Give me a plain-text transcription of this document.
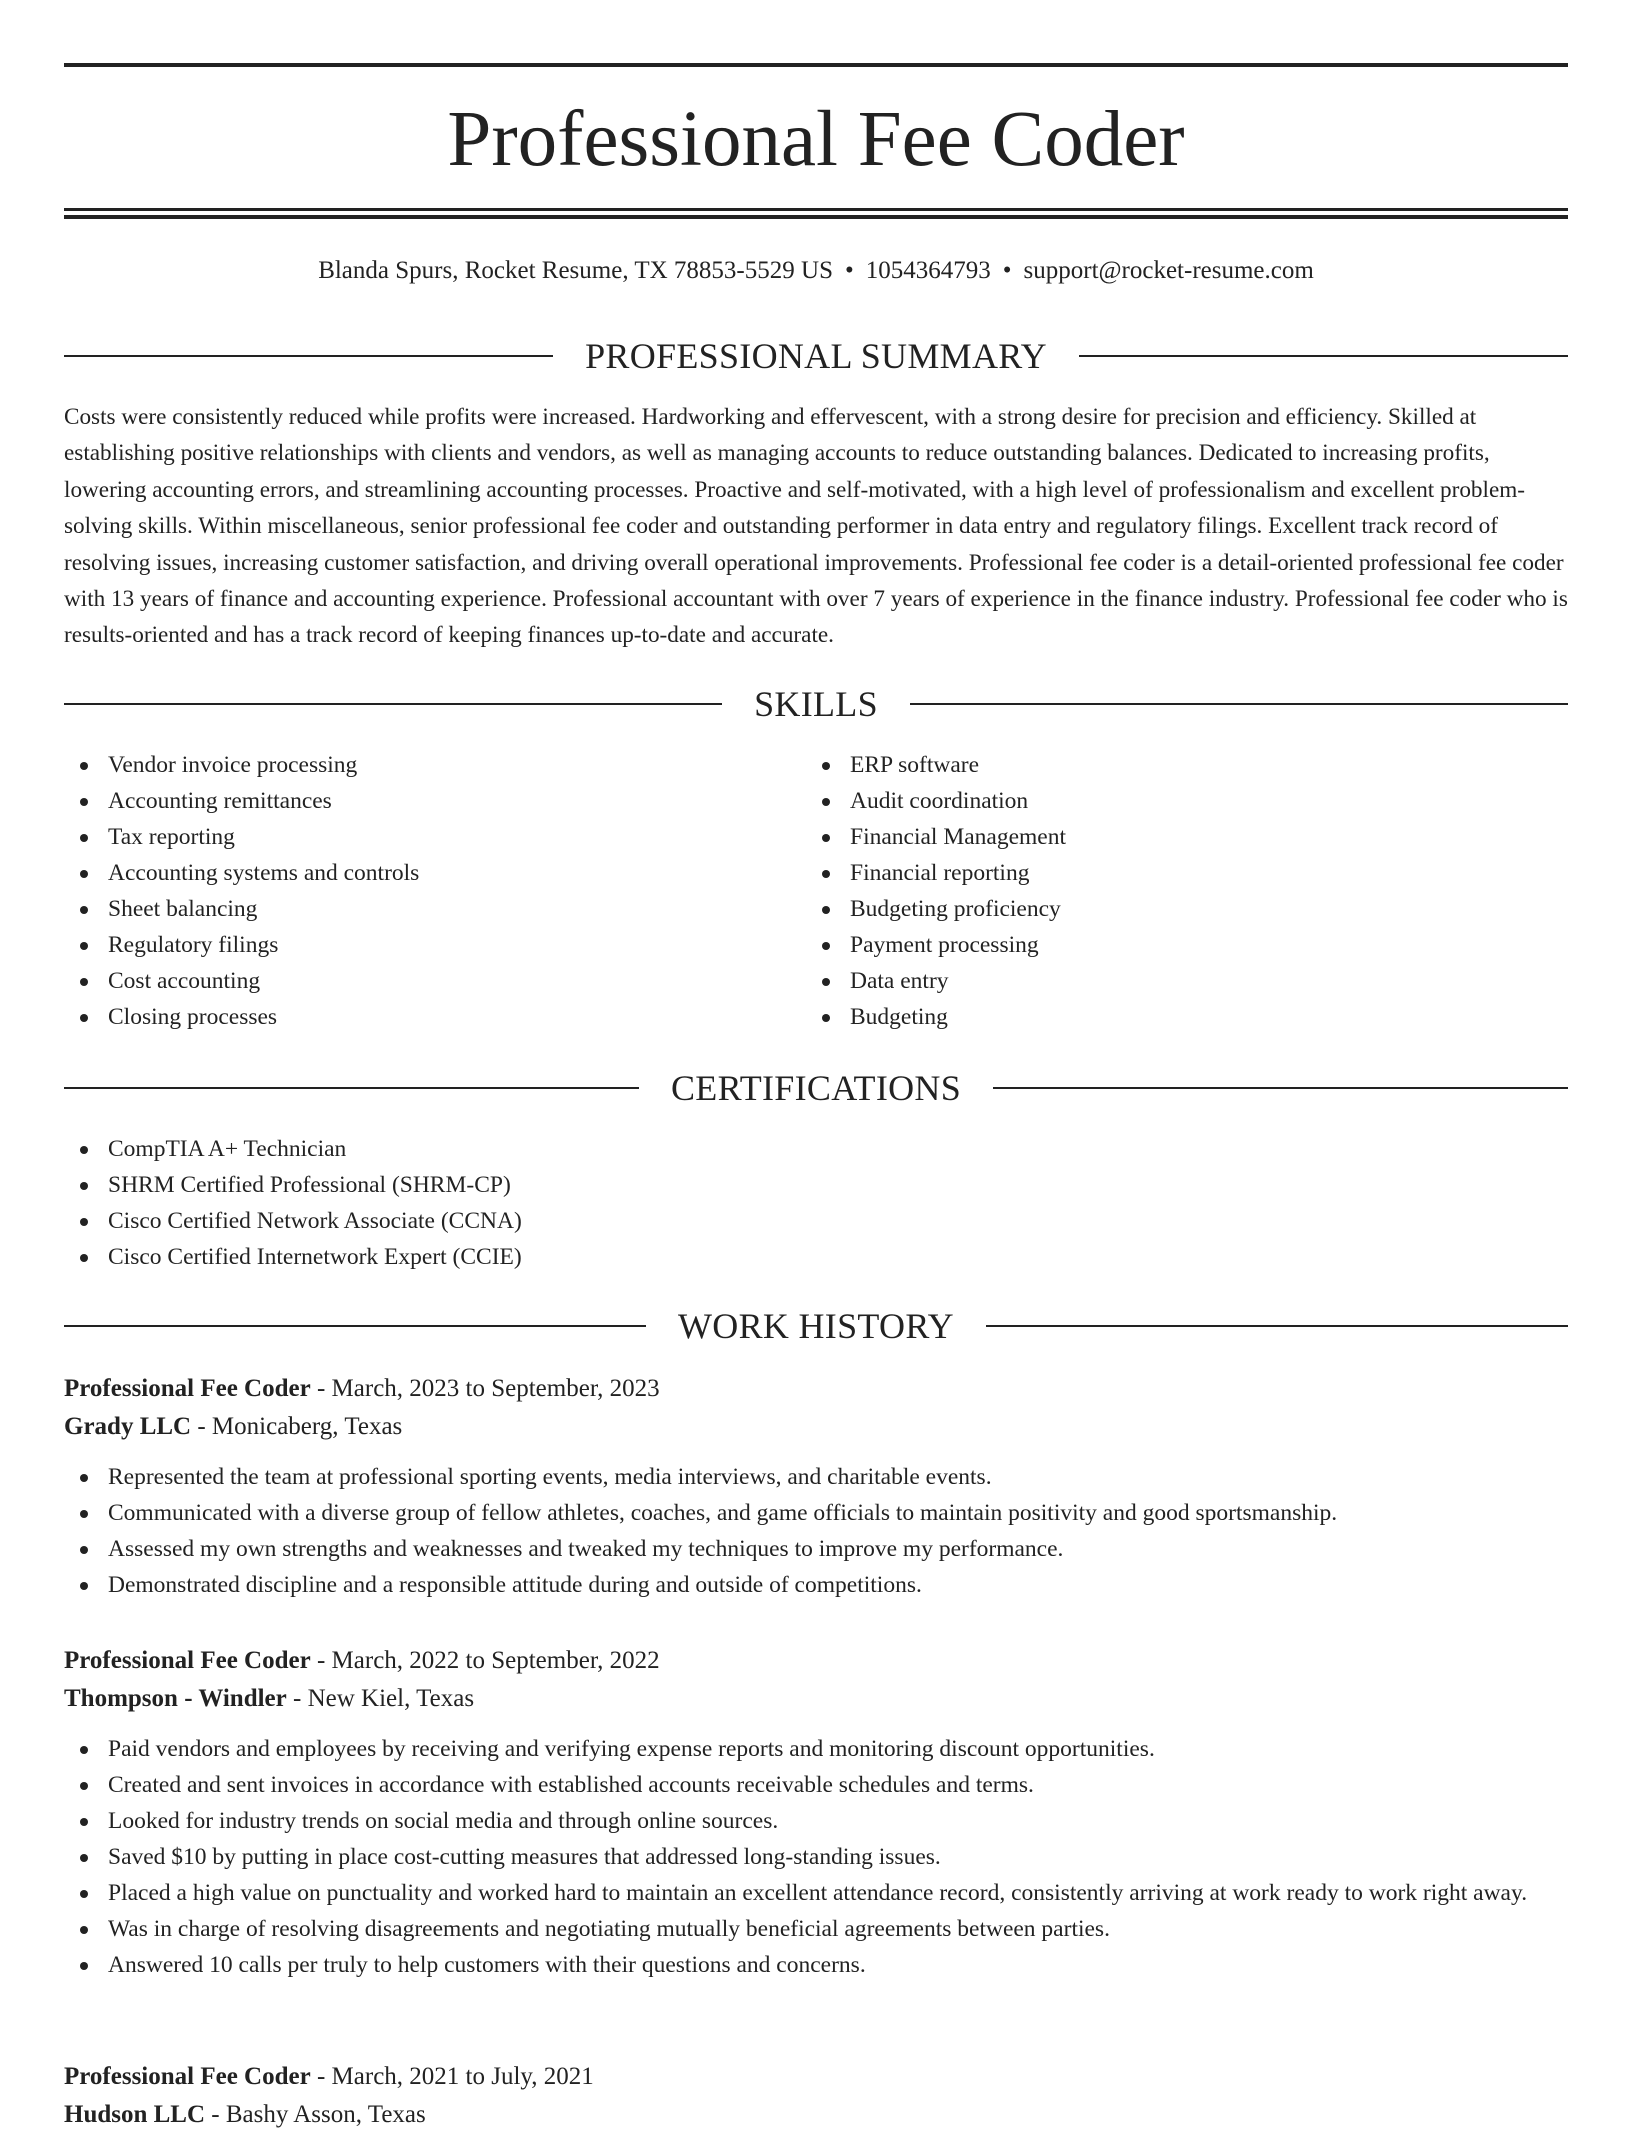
Professional Fee Coder
Blanda Spurs, Rocket Resume, TX 78853-5529 US • 1054364793 • support@rocket-resume.com
PROFESSIONAL SUMMARY

Costs were consistently reduced while profits were increased. Hardworking and effervescent, with a strong desire for precision and efficiency. Skilled at establishing positive relationships with clients and vendors, as well as managing accounts to reduce outstanding balances. Dedicated to increasing profits, lowering accounting errors, and streamlining accounting processes. Proactive and self-motivated, with a high level of professionalism and excellent problem-solving skills. Within miscellaneous, senior professional fee coder and outstanding performer in data entry and regulatory filings. Excellent track record of resolving issues, increasing customer satisfaction, and driving overall operational improvements. Professional fee coder is a detail-oriented professional fee coder with 13 years of finance and accounting experience. Professional accountant with over 7 years of experience in the finance industry. Professional fee coder who is results-oriented and has a track record of keeping finances up-to-date and accurate.

SKILLS
Vendor invoice processing
Accounting remittances
Tax reporting
Accounting systems and controls
Sheet balancing
Regulatory filings
Cost accounting
Closing processes
ERP software
Audit coordination
Financial Management
Financial reporting
Budgeting proficiency
Payment processing
Data entry
Budgeting
CERTIFICATIONS
CompTIA A+ Technician
SHRM Certified Professional (SHRM-CP)
Cisco Certified Network Associate (CCNA)
Cisco Certified Internetwork Expert (CCIE)
WORK HISTORY
Professional Fee Coder - March, 2023 to September, 2023
Grady LLC - Monicaberg, Texas
Represented the team at professional sporting events, media interviews, and charitable events.
Communicated with a diverse group of fellow athletes, coaches, and game officials to maintain positivity and good sportsmanship.
Assessed my own strengths and weaknesses and tweaked my techniques to improve my performance.
Demonstrated discipline and a responsible attitude during and outside of competitions.
Professional Fee Coder - March, 2022 to September, 2022
Thompson - Windler - New Kiel, Texas
Paid vendors and employees by receiving and verifying expense reports and monitoring discount opportunities.
Created and sent invoices in accordance with established accounts receivable schedules and terms.
Looked for industry trends on social media and through online sources.
Saved $10 by putting in place cost-cutting measures that addressed long-standing issues.
Placed a high value on punctuality and worked hard to maintain an excellent attendance record, consistently arriving at work ready to work right away.
Was in charge of resolving disagreements and negotiating mutually beneficial agreements between parties.
Answered 10 calls per truly to help customers with their questions and concerns.
Professional Fee Coder - March, 2021 to July, 2021
Hudson LLC - Bashy Asson, Texas
